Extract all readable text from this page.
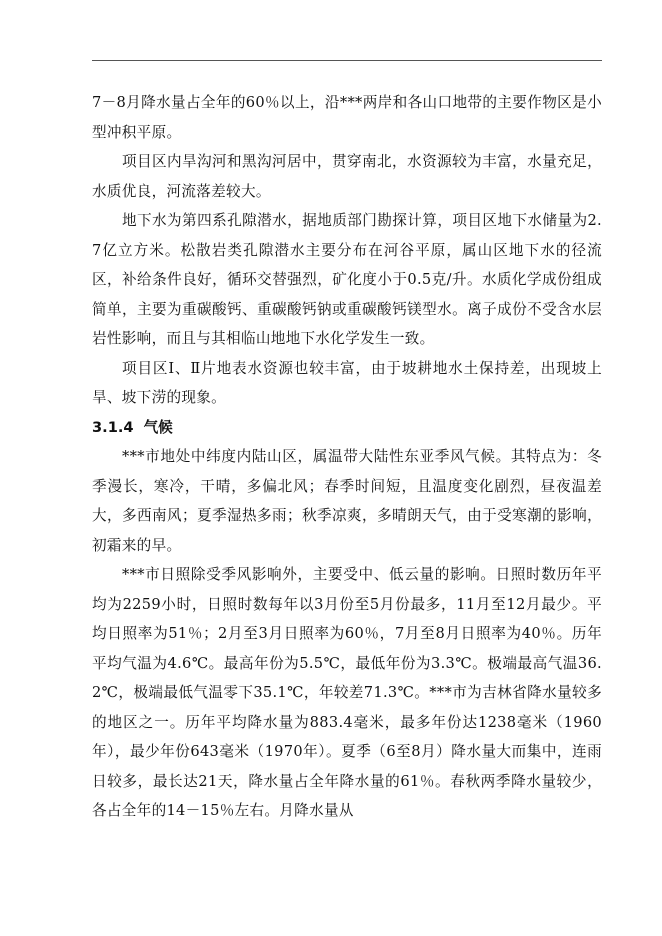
7－8月降水量占全年的60％以上，沿***两岸和各山口地带的主要作物区是小型冲积平原。

项目区内旱沟河和黑沟河居中，贯穿南北，水资源较为丰富，水量充足，水质优良，河流落差较大。

地下水为第四系孔隙潜水，据地质部门勘探计算，项目区地下水储量为2.7亿立方米。松散岩类孔隙潜水主要分布在河谷平原，属山区地下水的径流区，补给条件良好，循环交替强烈，矿化度小于0.5克/升。水质化学成份组成简单，主要为重碳酸钙、重碳酸钙钠或重碳酸钙镁型水。离子成份不受含水层岩性影响，而且与其相临山地地下水化学发生一致。

项目区Ⅰ、Ⅱ片地表水资源也较丰富，由于坡耕地水土保持差，出现坡上旱、坡下涝的现象。

3.1.4 气候

***市地处中纬度内陆山区，属温带大陆性东亚季风气候。其特点为：冬季漫长，寒冷，干晴，多偏北风；春季时间短，且温度变化剧烈，昼夜温差大，多西南风；夏季湿热多雨；秋季凉爽，多晴朗天气，由于受寒潮的影响，初霜来的早。

***市日照除受季风影响外，主要受中、低云量的影响。日照时数历年平均为2259小时，日照时数每年以3月份至5月份最多，11月至12月最少。平均日照率为51％；2月至3月日照率为60％，7月至8月日照率为40％。历年平均气温为4.6℃。最高年份为5.5℃，最低年份为3.3℃。极端最高气温36.2℃，极端最低气温零下35.1℃，年较差71.3℃。***市为吉林省降水量较多的地区之一。历年平均降水量为883.4毫米，最多年份达1238毫米（1960年），最少年份643毫米（1970年）。夏季（6至8月）降水量大而集中，连雨日较多，最长达21天，降水量占全年降水量的61％。春秋两季降水量较少，各占全年的14－15％左右。月降水量从
